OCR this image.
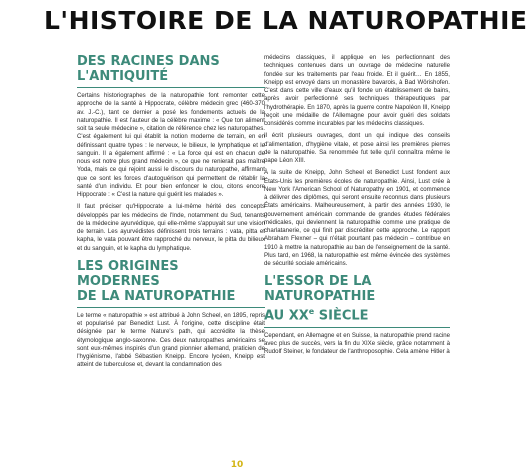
L'HISTOIRE DE LA NATUROPATHIE
DES RACINES DANS L'ANTIQUITÉ

Certains historiographes de la naturopathie font remonter cette approche de la santé à Hippocrate, célèbre médecin grec (460-370 av. J.-C.), tant ce dernier a posé les fondements actuels de la naturopathie. Il est l'auteur de la célèbre maxime : « Que ton aliment soit ta seule médecine », citation de référence chez les naturopathes. C'est également lui qui établit la notion moderne de terrain, en en définissant quatre types : le nerveux, le bilieux, le lymphatique et le sanguin. Il a également affirmé : « La force qui est en chacun de nous est notre plus grand médecin », ce que ne renierait pas maître Yoda, mais ce qui rejoint aussi le discours du naturopathe, affirmant que ce sont les forces d'autoguérison qui permettent de rétablir la santé d'un individu. Et pour bien enfoncer le clou, citons encore Hippocrate : « C'est la nature qui guérit les malades ».

Il faut préciser qu'Hippocrate a lui-même hérité des concepts développés par les médecins de l'Inde, notamment du Sud, tenants de la médecine ayurvédique, qui elle-même s'appuyait sur une vision de terrain. Les ayurvédistes définissent trois terrains : vata, pitta et kapha, le vata pouvant être rapproché du nerveux, le pitta du bilieux et du sanguin, et le kapha du lymphatique.

LES ORIGINES MODERNES
DE LA NATUROPATHIE

Le terme « naturopathie » est attribué à John Scheel, en 1895, repris et popularisé par Benedict Lust. À l'origine, cette discipline était désignée par le terme Nature's path, qui accrédite la thèse étymologique anglo-saxonne. Ces deux naturopathes américains se sont eux-mêmes inspirés d'un grand pionnier allemand, praticien de l'hygiénisme, l'abbé Sébastien Kneipp. Encore lycéen, Kneipp est atteint de tuberculose et, devant la condamnation des

médecins classiques, il applique en les perfectionnant des techniques contenues dans un ouvrage de médecine naturelle fondée sur les traitements par l'eau froide. Et il guérit… En 1855, Kneipp est envoyé dans un monastère bavarois, à Bad Wörishofen. C'est dans cette ville d'eaux qu'il fonde un établissement de bains, après avoir perfectionné ses techniques thérapeutiques par l'hydrothérapie. En 1870, après la guerre contre Napoléon III, Kneipp reçoit une médaille de l'Allemagne pour avoir guéri des soldats considérés comme incurables par les médecins classiques.

Il écrit plusieurs ouvrages, dont un qui indique des conseils d'alimentation, d'hygiène vitale, et pose ainsi les premières pierres de la naturopathie. Sa renommée fut telle qu'il connaîtra même le pape Léon XIII.

À la suite de Kneipp, John Scheel et Benedict Lust fondent aux États-Unis les premières écoles de naturopathie. Ainsi, Lust crée à New York l'American School of Naturopathy en 1901, et commence à délivrer des diplômes, qui seront ensuite reconnus dans plusieurs États américains. Malheureusement, à partir des années 1930, le gouvernement américain commande de grandes études fédérales médicales, qui deviennent la naturopathie comme une pratique de charlatanerie, ce qui finit par discréditer cette approche. Le rapport Abraham Flexner – qui n'était pourtant pas médecin – contribue en 1910 à mettre la naturopathie au ban de l'enseignement de la santé. Plus tard, en 1968, la naturopathie est même évincée des systèmes de sécurité sociale américains.

L'ESSOR DE LA NATUROPATHIE
AU XXe SIÈCLE

Cependant, en Allemagne et en Suisse, la naturopathie prend racine avec plus de succès, vers la fin du XIXe siècle, grâce notamment à Rudolf Steiner, le fondateur de l'anthroposophie. Cela amène Hitler à

10
